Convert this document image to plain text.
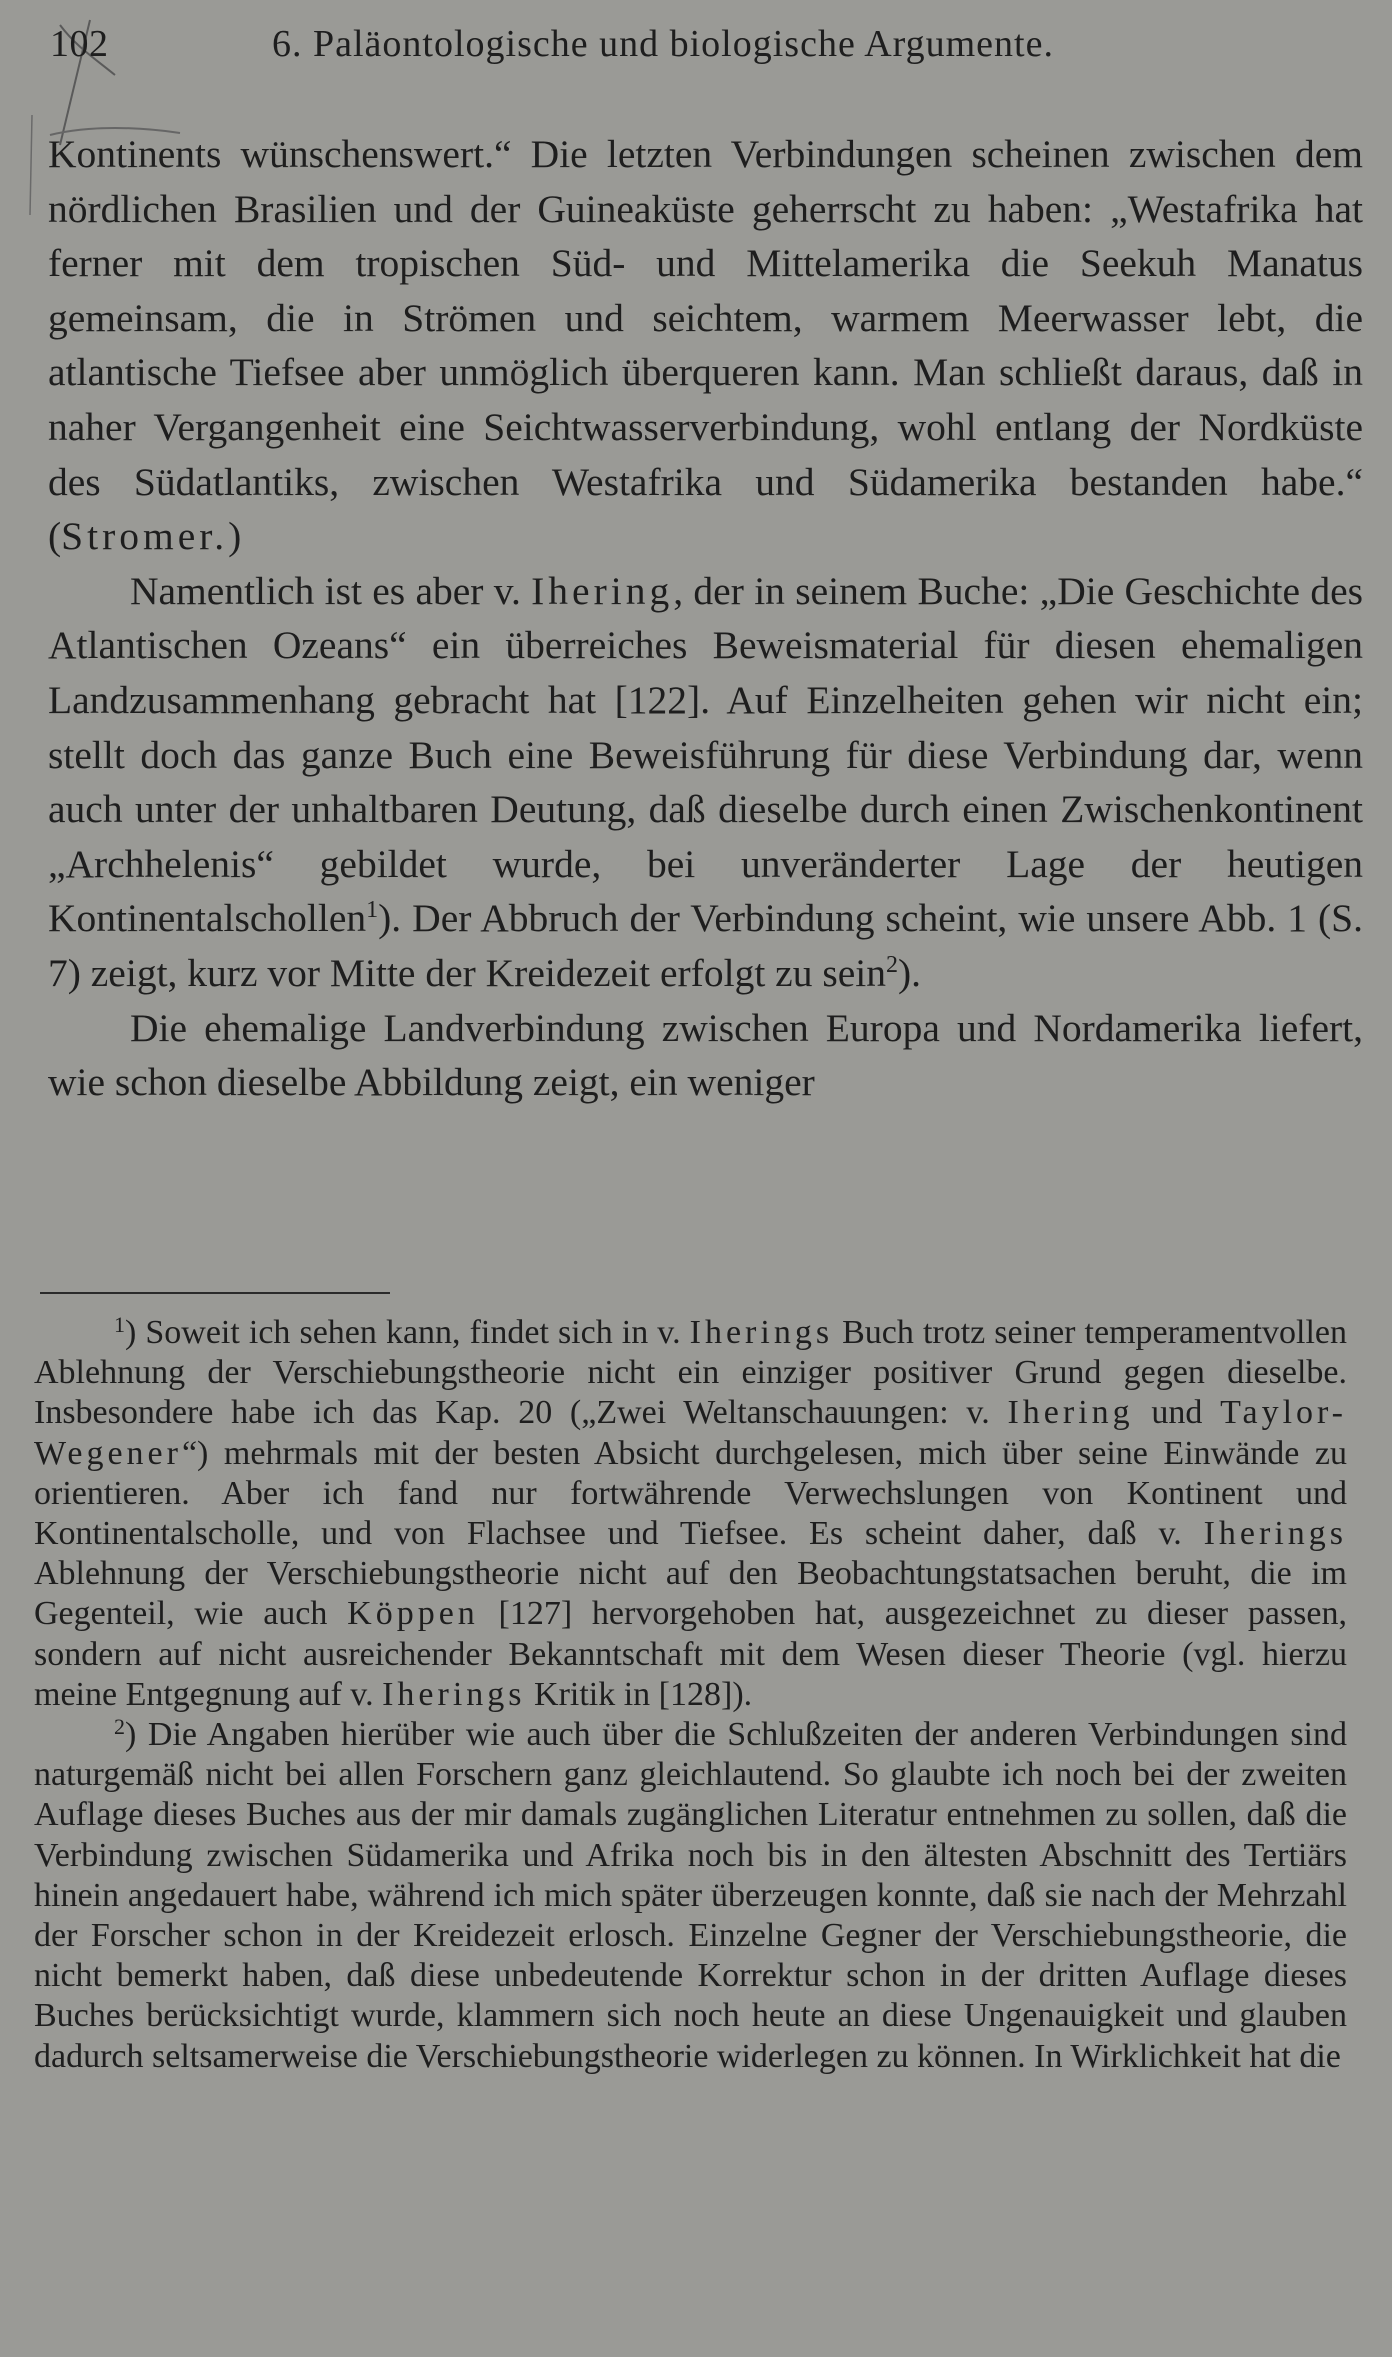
102	6. Paläontologische und biologische Argumente.

Kontinents wünschenswert.“ Die letzten Verbindungen scheinen zwischen dem nördlichen Brasilien und der Guineaküste geherrscht zu haben: „Westafrika hat ferner mit dem tropischen Süd- und Mittelamerika die Seekuh Manatus gemeinsam, die in Strömen und seichtem, warmem Meerwasser lebt, die atlantische Tiefsee aber unmöglich überqueren kann. Man schließt daraus, daß in naher Vergangenheit eine Seichtwasserverbindung, wohl entlang der Nordküste des Südatlantiks, zwischen Westafrika und Südamerika bestanden habe.“ (Stromer.)

Namentlich ist es aber v. Ihering, der in seinem Buche: „Die Geschichte des Atlantischen Ozeans“ ein überreiches Beweismaterial für diesen ehemaligen Landzusammenhang gebracht hat [122]. Auf Einzelheiten gehen wir nicht ein; stellt doch das ganze Buch eine Beweisführung für diese Verbindung dar, wenn auch unter der unhaltbaren Deutung, daß dieselbe durch einen Zwischenkontinent „Archhelenis“ gebildet wurde, bei unveränderter Lage der heutigen Kontinentalschollen$^1$). Der Abbruch der Verbindung scheint, wie unsere Abb. 1 (S. 7) zeigt, kurz vor Mitte der Kreidezeit erfolgt zu sein$^2$).

Die ehemalige Landverbindung zwischen Europa und Nordamerika liefert, wie schon dieselbe Abbildung zeigt, ein weniger

$^1$) Soweit ich sehen kann, findet sich in v. Iherings Buch trotz seiner temperamentvollen Ablehnung der Verschiebungstheorie nicht ein einziger positiver Grund gegen dieselbe. Insbesondere habe ich das Kap. 20 („Zwei Weltanschauungen: v. Ihering und Taylor-Wegener“) mehrmals mit der besten Absicht durchgelesen, mich über seine Einwände zu orientieren. Aber ich fand nur fortwährende Verwechslungen von Kontinent und Kontinentalscholle, und von Flachsee und Tiefsee. Es scheint daher, daß v. Iherings Ablehnung der Verschiebungstheorie nicht auf den Beobachtungstatsachen beruht, die im Gegenteil, wie auch Köppen [127] hervorgehoben hat, ausgezeichnet zu dieser passen, sondern auf nicht ausreichender Bekanntschaft mit dem Wesen dieser Theorie (vgl. hierzu meine Entgegnung auf v. Iherings Kritik in [128]).

$^2$) Die Angaben hierüber wie auch über die Schlußzeiten der anderen Verbindungen sind naturgemäß nicht bei allen Forschern ganz gleichlautend. So glaubte ich noch bei der zweiten Auflage dieses Buches aus der mir damals zugänglichen Literatur entnehmen zu sollen, daß die Verbindung zwischen Südamerika und Afrika noch bis in den ältesten Abschnitt des Tertiärs hinein angedauert habe, während ich mich später überzeugen konnte, daß sie nach der Mehrzahl der Forscher schon in der Kreidezeit erlosch. Einzelne Gegner der Verschiebungstheorie, die nicht bemerkt haben, daß diese unbedeutende Korrektur schon in der dritten Auflage dieses Buches berücksichtigt wurde, klammern sich noch heute an diese Ungenauigkeit und glauben dadurch seltsamerweise die Verschiebungstheorie widerlegen zu können. In Wirklichkeit hat die
